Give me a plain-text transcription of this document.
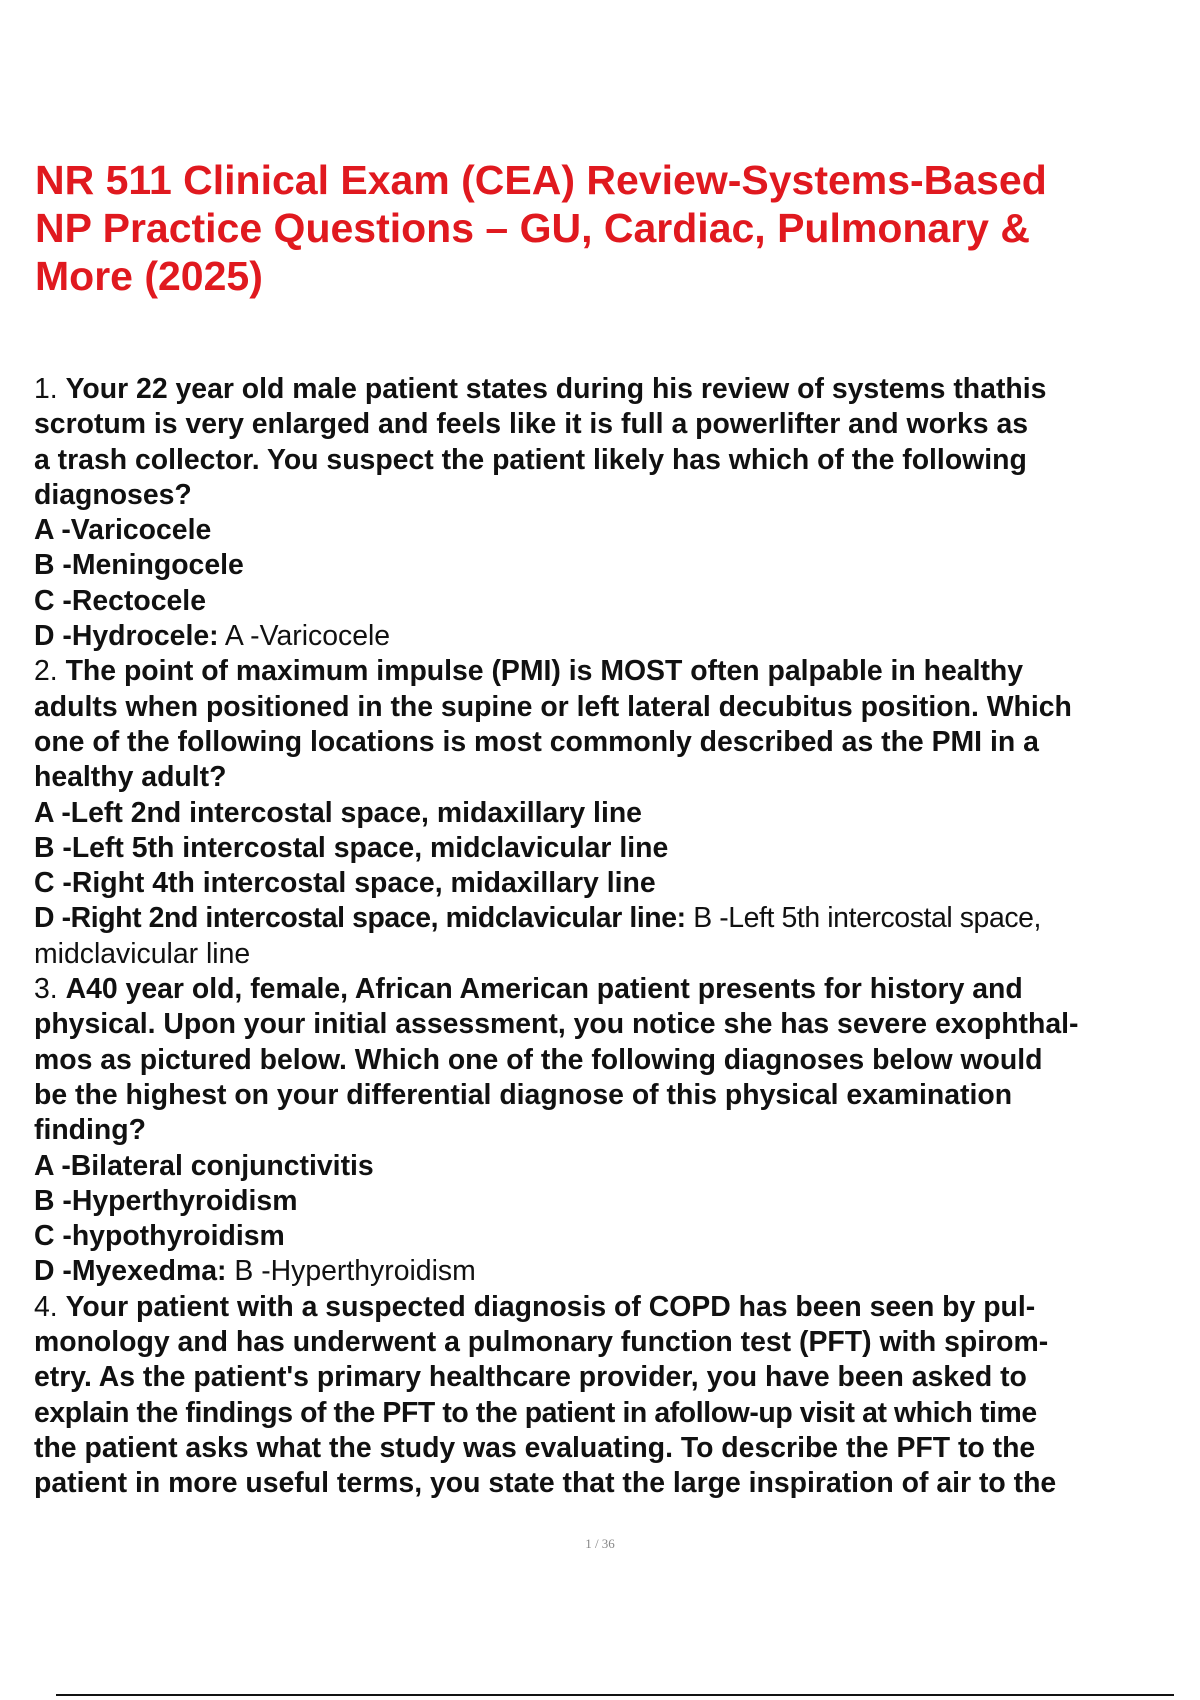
NR 511 Clinical Exam (CEA) Review-Systems-Based
NP Practice Questions – GU, Cardiac, Pulmonary &
More (2025)
1. Your 22 year old male patient states during his review of systems thathis
scrotum is very enlarged and feels like it is full a powerlifter and works as
a trash collector. You suspect the patient likely has which of the following
diagnoses?
A -Varicocele
B -Meningocele
C -Rectocele
D -Hydrocele: A -Varicocele
2. The point of maximum impulse (PMI) is MOST often palpable in healthy
adults when positioned in the supine or left lateral decubitus position. Which
one of the following locations is most commonly described as the PMI in a
healthy adult?
A -Left 2nd intercostal space, midaxillary line
B -Left 5th intercostal space, midclavicular line
C -Right 4th intercostal space, midaxillary line
D -Right 2nd intercostal space, midclavicular line: B -Left 5th intercostal space,
midclavicular line
3. A40 year old, female, African American patient presents for history and
physical. Upon your initial assessment, you notice she has severe exophthal-
mos as pictured below. Which one of the following diagnoses below would
be the highest on your differential diagnose of this physical examination
finding?
A -Bilateral conjunctivitis
B -Hyperthyroidism
C -hypothyroidism
D -Myexedma: B -Hyperthyroidism
4. Your patient with a suspected diagnosis of COPD has been seen by pul-
monology and has underwent a pulmonary function test (PFT) with spirom-
etry. As the patient's primary healthcare provider, you have been asked to
explain the findings of the PFT to the patient in afollow-up visit at which time
the patient asks what the study was evaluating. To describe the PFT to the
patient in more useful terms, you state that the large inspiration of air to the
1 / 36
